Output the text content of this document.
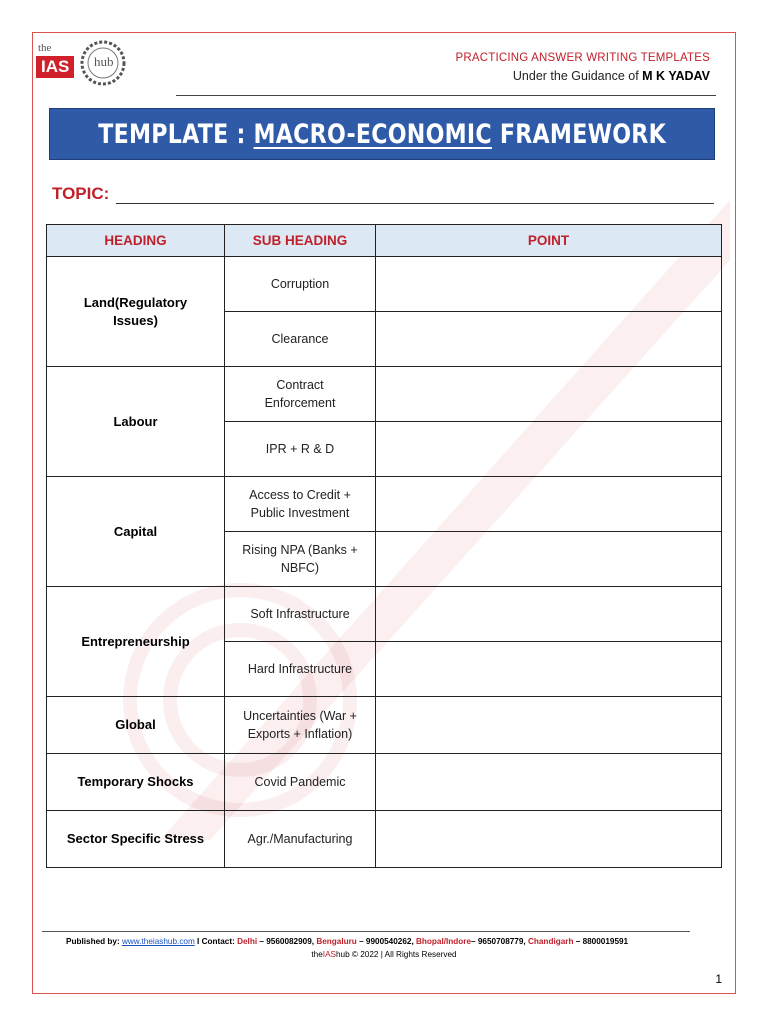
the
IAS	hub	PRACTICING ANSWER WRITING TEMPLATES
Under the Guidance of M K YADAV
TEMPLATE : MACRO-ECONOMIC FRAMEWORK
TOPIC:
HEADING	SUB HEADING	POINT
Land(Regulatory Issues)	Corruption	
	Clearance	
Labour	Contract Enforcement	
	IPR + R & D	
Capital	Access to Credit + Public Investment	
	Rising NPA (Banks + NBFC)	
Entrepreneurship	Soft Infrastructure	
	Hard Infrastructure	
Global	Uncertainties (War + Exports + Inflation)	
Temporary Shocks	Covid Pandemic	
Sector Specific Stress	Agr./Manufacturing	
Published by: www.theiashub.com I Contact: Delhi – 9560082909, Bengaluru – 9900540262, Bhopal/Indore– 9650708779, Chandigarh – 8800019591
theIAShub © 2022 | All Rights Reserved
1
